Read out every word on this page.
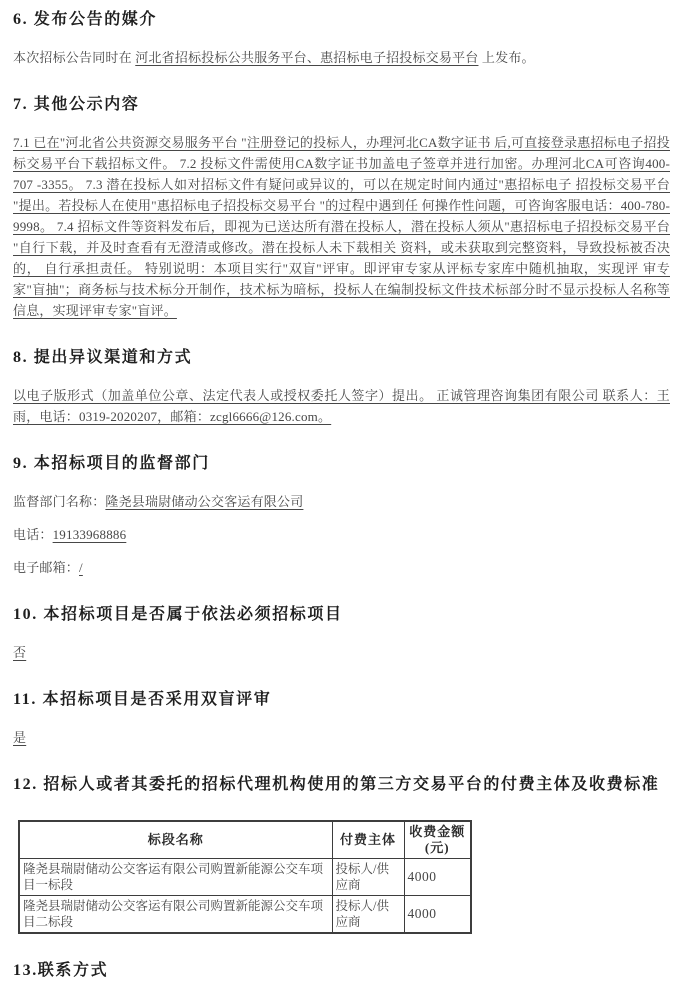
6. 发布公告的媒介

本次招标公告同时在 河北省招标投标公共服务平台、惠招标电子招投标交易平台 上发布。

7. 其他公示内容

7.1 已在"河北省公共资源交易服务平台 "注册登记的投标人，办理河北CA数字证书 后,可直接登录惠招标电子招投标交易平台下载招标文件。 7.2 投标文件需使用CA数字证书加盖电子签章并进行加密。办理河北CA可咨询400-707 -3355。 7.3 潜在投标人如对招标文件有疑问或异议的，可以在规定时间内通过"惠招标电子 招投标交易平台 "提出。若投标人在使用"惠招标电子招投标交易平台 "的过程中遇到任 何操作性问题，可咨询客服电话：400-780-9998。 7.4 招标文件等资料发布后，即视为已送达所有潜在投标人，潜在投标人须从"惠招标电子招投标交易平台 "自行下载，并及时查看有无澄清或修改。潜在投标人未下载相关 资料，或未获取到完整资料，导致投标被否决的， 自行承担责任。 特别说明：本项目实行"双盲"评审。即评审专家从评标专家库中随机抽取，实现评 审专家"盲抽"；商务标与技术标分开制作，技术标为暗标，投标人在编制投标文件技术标部分时不显示投标人名称等信息，实现评审专家"盲评。

8. 提出异议渠道和方式

以电子版形式（加盖单位公章、法定代表人或授权委托人签字）提出。 正诚管理咨询集团有限公司 联系人：王雨，电话：0319-2020207，邮箱：zcgl6666@126.com。

9. 本招标项目的监督部门

监督部门名称：隆尧县瑞尉储动公交客运有限公司

电话：19133968886

电子邮箱：/

10. 本招标项目是否属于依法必须招标项目

否

11. 本招标项目是否采用双盲评审

是

12. 招标人或者其委托的招标代理机构使用的第三方交易平台的付费主体及收费标准
标段名称	付费主体	收费金额(元)
隆尧县瑞尉储动公交客运有限公司购置新能源公交车项目一标段	投标人/供应商	4000
隆尧县瑞尉储动公交客运有限公司购置新能源公交车项目二标段	投标人/供应商	4000
13.联系方式
